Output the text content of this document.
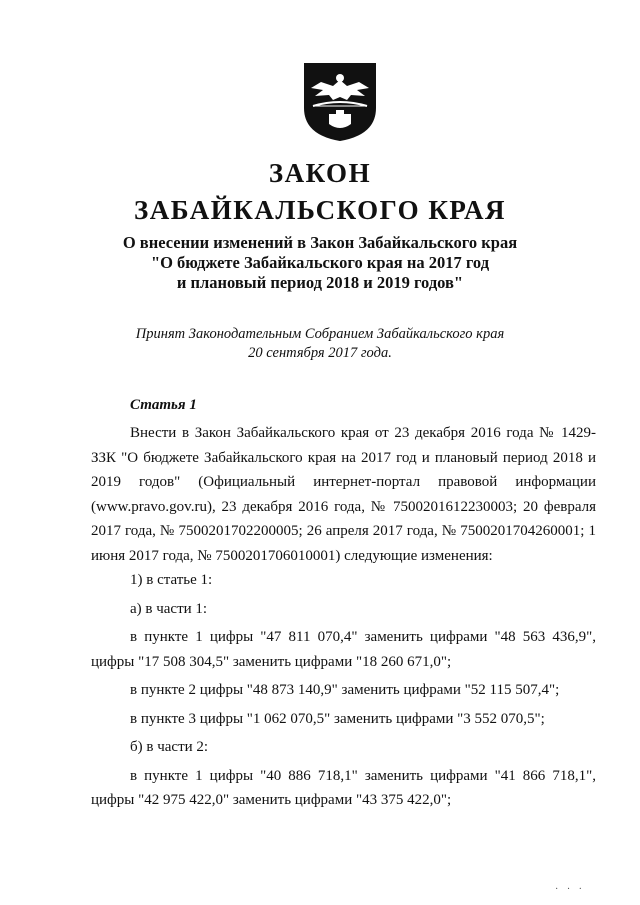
ЗАКОН
ЗАБАЙКАЛЬСКОГО КРАЯ
О внесении изменений в Закон Забайкальского края
"О бюджете Забайкальского края на 2017 год
и плановый период 2018 и 2019 годов"
Принят Законодательным Собранием Забайкальского края
20 сентября 2017 года.
Статья 1

Внести в Закон Забайкальского края от 23 декабря 2016 года № 1429-ЗЗК "О бюджете Забайкальского края на 2017 год и плановый период 2018 и 2019 годов" (Официальный интернет-портал правовой информации (www.pravo.gov.ru), 23 декабря 2016 года, № 7500201612230003; 20 февраля 2017 года, № 7500201702200005; 26 апреля 2017 года, № 7500201704260001; 1 июня 2017 года, № 7500201706010001) следующие изменения:

1) в статье 1:

а) в части 1:

в пункте 1 цифры "47 811 070,4" заменить цифрами "48 563 436,9", цифры "17 508 304,5" заменить цифрами "18 260 671,0";

в пункте 2 цифры "48 873 140,9" заменить цифрами "52 115 507,4";

в пункте 3 цифры "1 062 070,5" заменить цифрами "3 552 070,5";

б) в части 2:

в пункте 1 цифры "40 886 718,1" заменить цифрами "41 866 718,1", цифры "42 975 422,0" заменить цифрами "43 375 422,0";

· · ·
